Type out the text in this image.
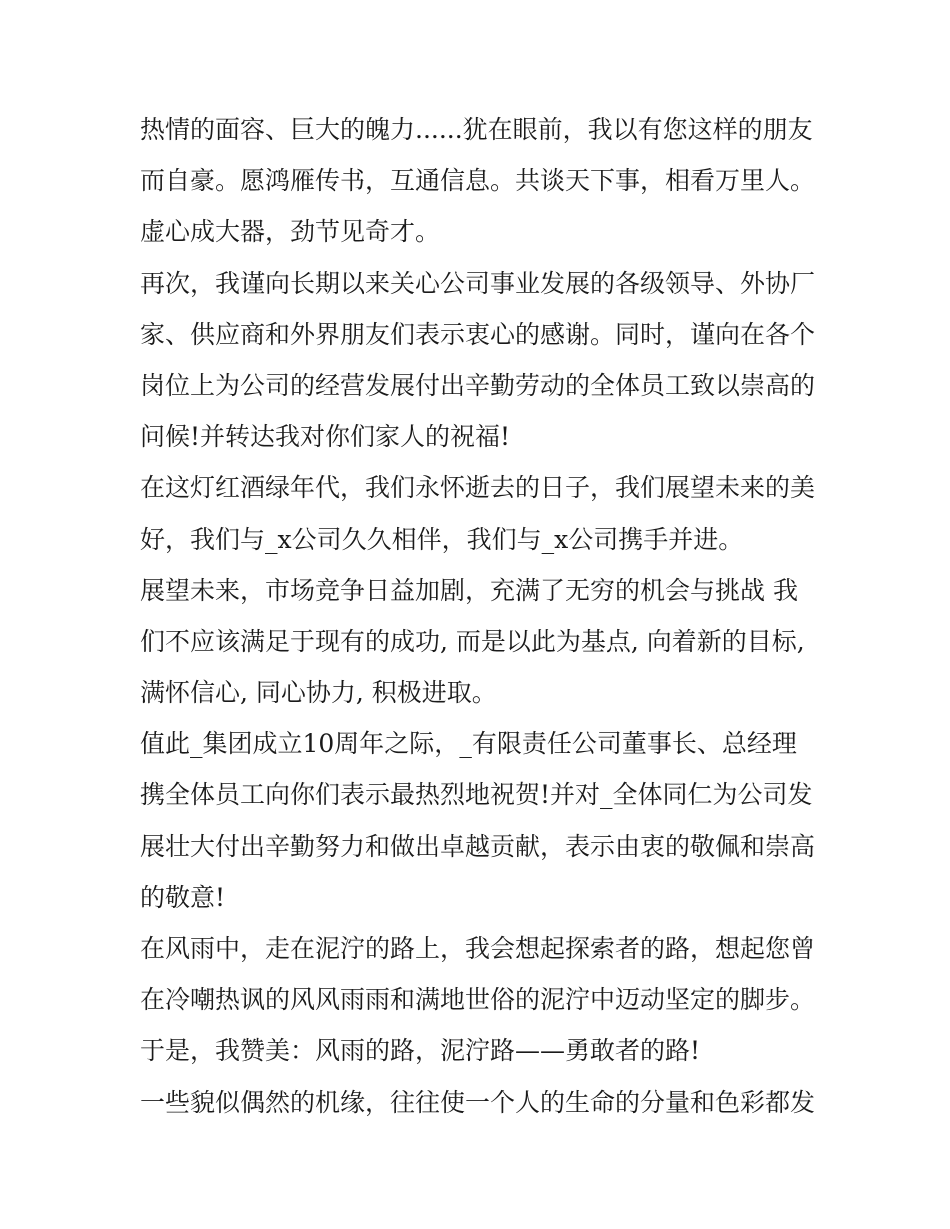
热情的面容、巨大的魄力......犹在眼前，我以有您这样的朋友
而自豪。愿鸿雁传书，互通信息。共谈天下事，相看万里人。
虚心成大器，劲节见奇才。
再次，我谨向长期以来关心公司事业发展的各级领导、外协厂
家、供应商和外界朋友们表示衷心的感谢。同时，谨向在各个
岗位上为公司的经营发展付出辛勤劳动的全体员工致以崇高的
问候!并转达我对你们家人的祝福!
在这灯红酒绿年代，我们永怀逝去的日子，我们展望未来的美
好，我们与_x公司久久相伴，我们与_x公司携手并进。
展望未来，市场竞争日益加剧，充满了无穷的机会与挑战 我
们不应该满足于现有的成功, 而是以此为基点, 向着新的目标,
满怀信心, 同心协力, 积极进取。
值此_集团成立10周年之际，_有限责任公司董事长、总经理
携全体员工向你们表示最热烈地祝贺!并对_全体同仁为公司发
展壮大付出辛勤努力和做出卓越贡献，表示由衷的敬佩和崇高
的敬意!
在风雨中，走在泥泞的路上，我会想起探索者的路，想起您曾
在冷嘲热讽的风风雨雨和满地世俗的泥泞中迈动坚定的脚步。
于是，我赞美：风雨的路，泥泞路——勇敢者的路!
一些貌似偶然的机缘，往往使一个人的生命的分量和色彩都发
